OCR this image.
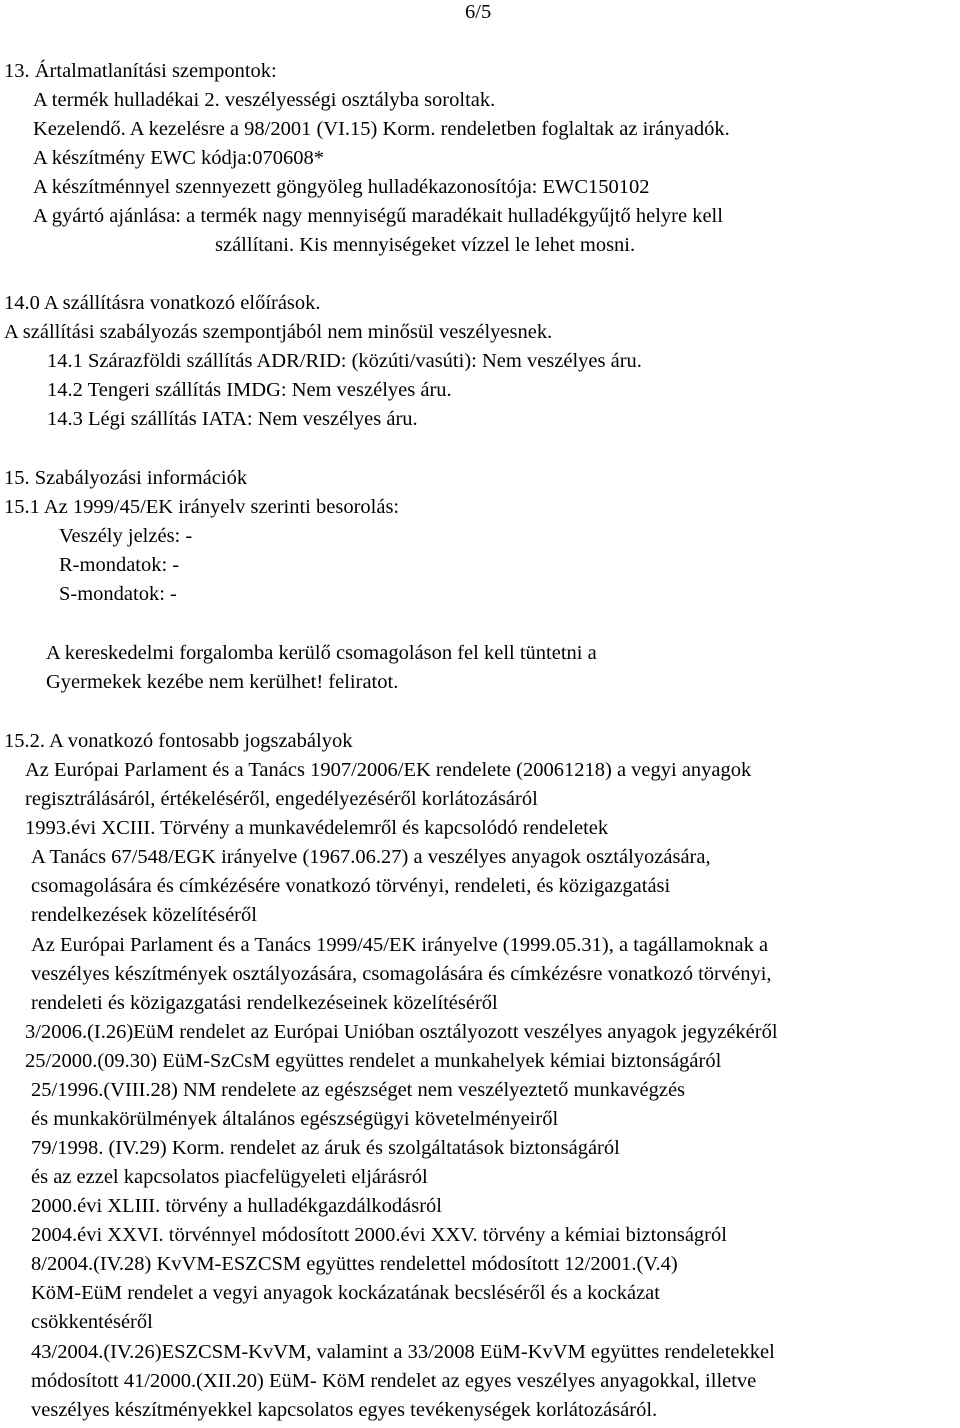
6/5

13. Ártalmatlanítási szempontok:

A termék hulladékai 2. veszélyességi osztályba soroltak.

Kezelendő. A kezelésre a 98/2001 (VI.15) Korm. rendeletben foglaltak az irányadók.

A készítmény EWC kódja:070608*

A készítménnyel szennyezett göngyöleg hulladékazonosítója: EWC150102

A gyártó ajánlása: a termék nagy mennyiségű maradékait hulladékgyűjtő helyre kell

szállítani. Kis mennyiségeket vízzel le lehet mosni.

14.0 A szállításra vonatkozó előírások.

A szállítási szabályozás szempontjából nem minősül veszélyesnek.

14.1 Szárazföldi szállítás ADR/RID: (közúti/vasúti): Nem veszélyes áru.

14.2 Tengeri szállítás IMDG: Nem veszélyes áru.

14.3 Légi szállítás IATA: Nem veszélyes áru.

15. Szabályozási információk

15.1 Az 1999/45/EK irányelv szerinti besorolás:

Veszély jelzés: -

R-mondatok: -

S-mondatok: -

A kereskedelmi forgalomba kerülő csomagoláson fel kell tüntetni a

Gyermekek kezébe nem kerülhet! feliratot.

15.2. A vonatkozó fontosabb jogszabályok

Az Európai Parlament és a Tanács 1907/2006/EK rendelete (20061218) a vegyi anyagok

regisztrálásáról, értékeléséről, engedélyezéséről korlátozásáról

1993.évi XCIII. Törvény a munkavédelemről és kapcsolódó rendeletek

A Tanács 67/548/EGK irányelve (1967.06.27) a veszélyes anyagok osztályozására,

csomagolására és címkézésére vonatkozó törvényi, rendeleti, és közigazgatási

rendelkezések közelítéséről

Az Európai Parlament és a Tanács 1999/45/EK irányelve (1999.05.31), a tagállamoknak a

veszélyes készítmények osztályozására, csomagolására és címkézésre vonatkozó törvényi,

rendeleti és közigazgatási rendelkezéseinek közelítéséről

3/2006.(I.26)EüM rendelet az Európai Unióban osztályozott veszélyes anyagok jegyzékéről

25/2000.(09.30) EüM-SzCsM együttes rendelet a munkahelyek kémiai biztonságáról

25/1996.(VIII.28) NM rendelete az egészséget nem veszélyeztető munkavégzés

és munkakörülmények általános egészségügyi követelményeiről

79/1998. (IV.29) Korm. rendelet az áruk és szolgáltatások biztonságáról

és az ezzel kapcsolatos piacfelügyeleti eljárásról

2000.évi XLIII. törvény a hulladékgazdálkodásról

2004.évi XXVI. törvénnyel módosított 2000.évi XXV. törvény a kémiai biztonságról

8/2004.(IV.28) KvVM-ESZCSM együttes rendelettel módosított 12/2001.(V.4)

KöM-EüM rendelet a vegyi anyagok kockázatának becsléséről és a kockázat

csökkentéséről

43/2004.(IV.26)ESZCSM-KvVM, valamint a 33/2008 EüM-KvVM együttes rendeletekkel

módosított 41/2000.(XII.20) EüM- KöM rendelet az egyes veszélyes anyagokkal, illetve

veszélyes készítményekkel kapcsolatos egyes tevékenységek korlátozásáról.
